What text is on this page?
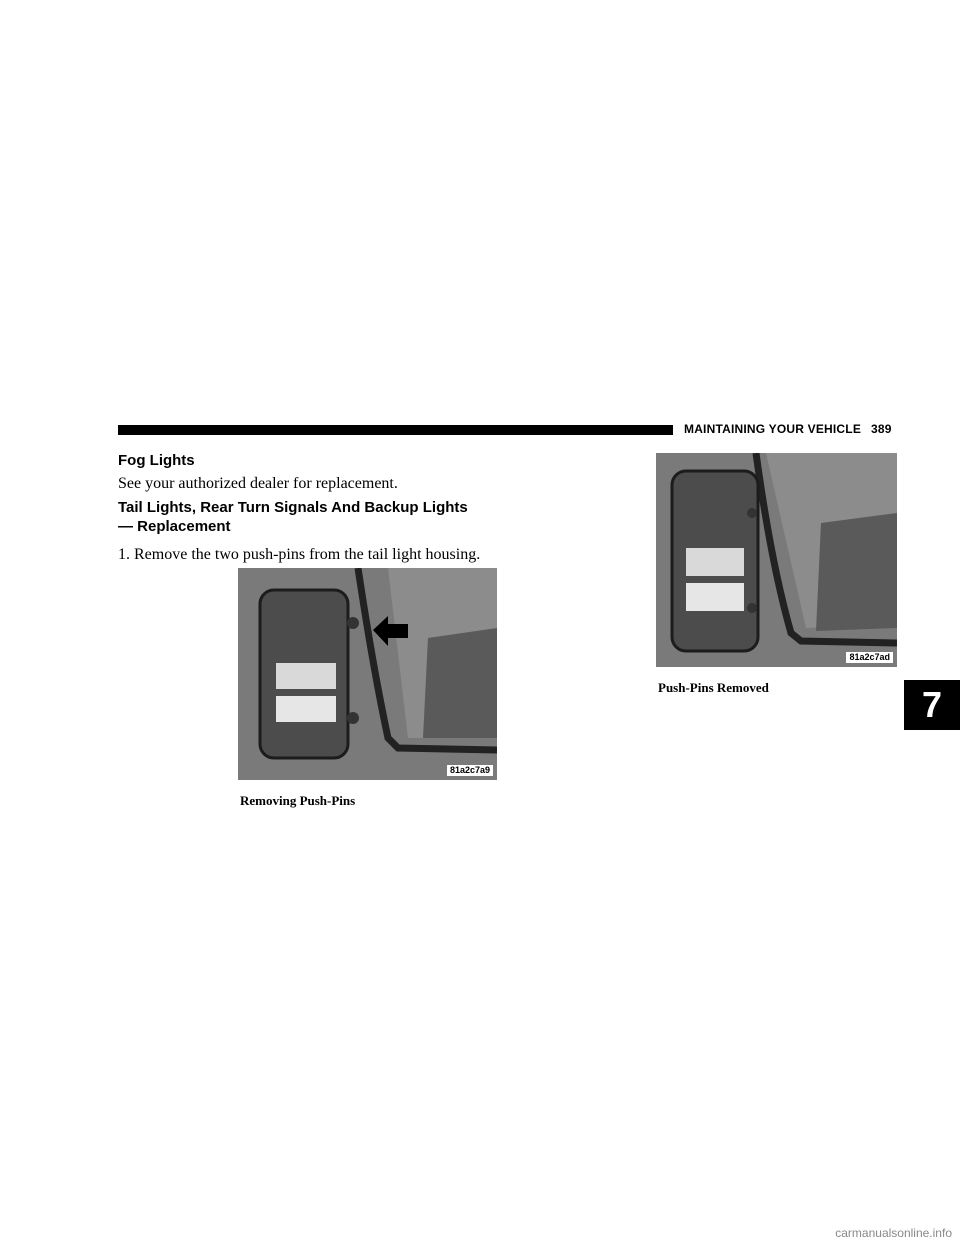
MAINTAINING YOUR VEHICLE 389
Fog Lights
See your authorized dealer for replacement.
Tail Lights, Rear Turn Signals And Backup Lights
— Replacement
1. Remove the two push-pins from the tail light housing.
81a2c7a9
Removing Push-Pins
81a2c7ad
Push-Pins Removed	7
carmanualsonline.info
